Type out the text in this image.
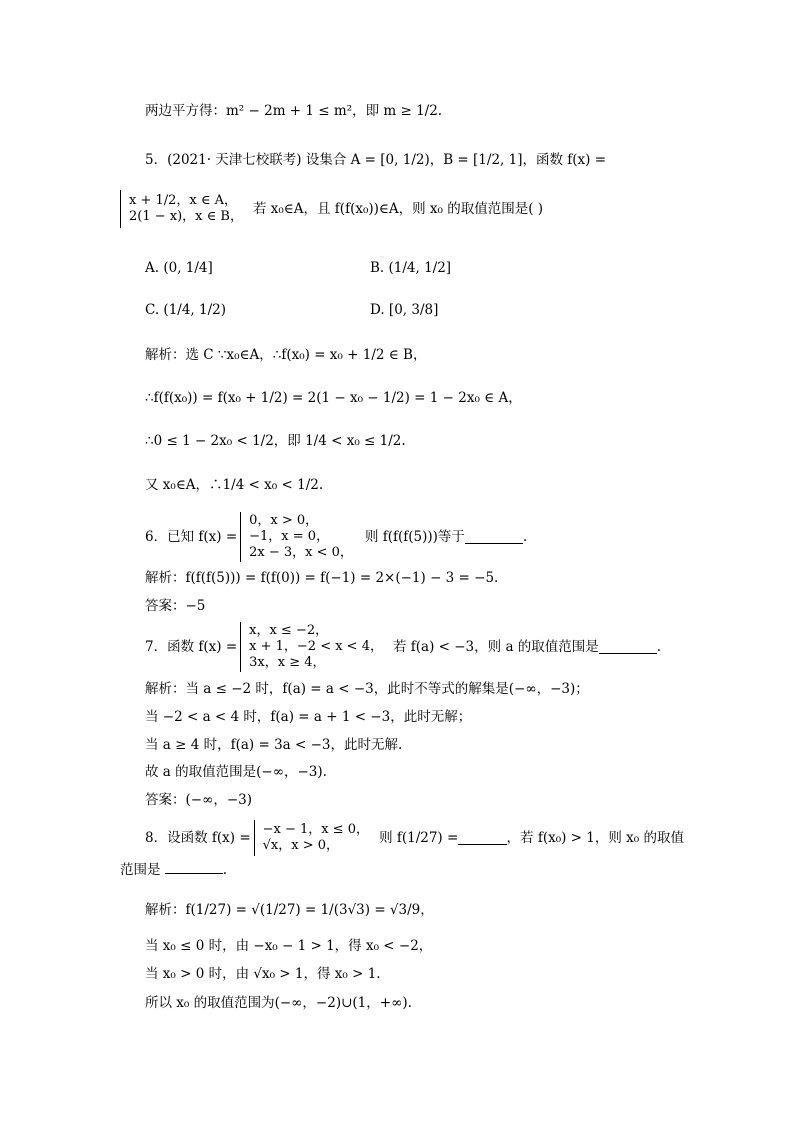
两边平方得：m² − 2m + 1 ≤ m²，即 m ≥ 1/2.
5．(2021· 天津七校联考) 设集合 A = [0, 1/2)，B = [1/2, 1]，函数 f(x) =
x + 1/2，x ∈ A，
2(1 − x)，x ∈ B， 若 x₀∈A，且 f(f(x₀))∈A，则 x₀ 的取值范围是( )
A. (0, 1/4]	B. (1/4, 1/2]
C. (1/4, 1/2)	D. [0, 3/8]
解析：选 C ∵x₀∈A，∴f(x₀) = x₀ + 1/2 ∈ B，
∴f(f(x₀)) = f(x₀ + 1/2) = 2(1 − x₀ − 1/2) = 1 − 2x₀ ∈ A，
∴0 ≤ 1 − 2x₀ < 1/2，即 1/4 < x₀ ≤ 1/2.
又 x₀∈A，∴1/4 < x₀ < 1/2.
6．已知 f(x) =
0，x > 0，
−1，x = 0，
2x − 3，x < 0，
则 f(f(f(5)))等于	.
解析：f(f(f(5))) = f(f(0)) = f(−1) = 2×(−1) − 3 = −5.
答案：−5
7．函数 f(x) =
x，x ≤ −2，
x + 1，−2 < x < 4，
3x，x ≥ 4，
若 f(a) < −3，则 a 的取值范围是	.
解析：当 a ≤ −2 时，f(a) = a < −3，此时不等式的解集是(−∞，−3)；
当 −2 < a < 4 时，f(a) = a + 1 < −3，此时无解；
当 a ≥ 4 时，f(a) = 3a < −3，此时无解.
故 a 的取值范围是(−∞，−3).
答案：(−∞，−3)
8．设函数 f(x) =
−x − 1，x ≤ 0，
√x，x > 0，	则 f(1/27) =	，若 f(x₀) > 1，则 x₀ 的取值
范围是	.
解析：f(1/27) = √(1/27) = 1/(3√3) = √3/9，
当 x₀ ≤ 0 时，由 −x₀ − 1 > 1，得 x₀ < −2，
当 x₀ > 0 时，由 √x₀ > 1，得 x₀ > 1.
所以 x₀ 的取值范围为(−∞，−2)∪(1，+∞).
